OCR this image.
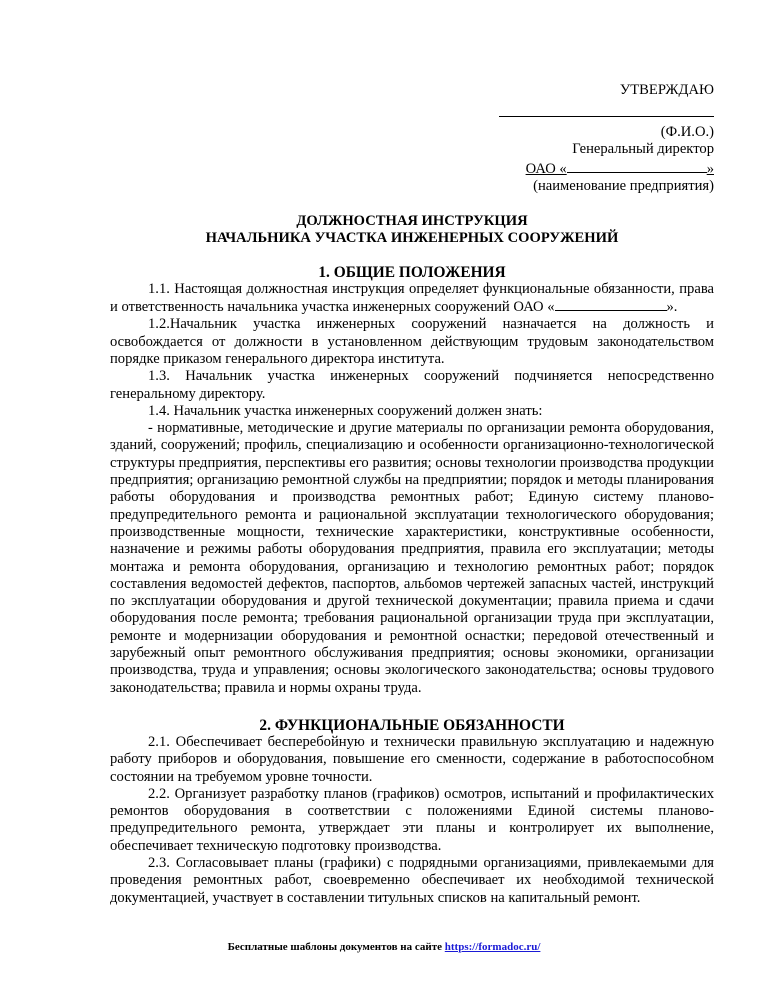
УТВЕРЖДАЮ
(Ф.И.О.)
Генеральный директор
ОАО «	»
(наименование предприятия)
ДОЛЖНОСТНАЯ ИНСТРУКЦИЯ
НАЧАЛЬНИКА УЧАСТКА ИНЖЕНЕРНЫХ СООРУЖЕНИЙ
1. ОБЩИЕ ПОЛОЖЕНИЯ

1.1. Настоящая должностная инструкция определяет функциональные обязанности, права и ответственность начальника участка инженерных сооружений ОАО «	».

1.2.Начальник участка инженерных сооружений назначается на должность и освобождается от должности в установленном действующим трудовым законодательством порядке приказом генерального директора института.

1.3. Начальник участка инженерных сооружений подчиняется непосредственно генеральному директору.

1.4. Начальник участка инженерных сооружений должен знать:

- нормативные, методические и другие материалы по организации ремонта оборудования, зданий, сооружений; профиль, специализацию и особенности организационно-технологической структуры предприятия, перспективы его развития; основы технологии производства продукции предприятия; организацию ремонтной службы на предприятии; порядок и методы планирования работы оборудования и производства ремонтных работ; Единую систему планово-предупредительного ремонта и рациональной эксплуатации технологического оборудования; производственные мощности, технические характеристики, конструктивные особенности, назначение и режимы работы оборудования предприятия, правила его эксплуатации; методы монтажа и ремонта оборудования, организацию и технологию ремонтных работ; порядок составления ведомостей дефектов, паспортов, альбомов чертежей запасных частей, инструкций по эксплуатации оборудования и другой технической документации; правила приема и сдачи оборудования после ремонта; требования рациональной организации труда при эксплуатации, ремонте и модернизации оборудования и ремонтной оснастки; передовой отечественный и зарубежный опыт ремонтного обслуживания предприятия; основы экономики, организации производства, труда и управления; основы экологического законодательства; основы трудового законодательства; правила и нормы охраны труда.

2. ФУНКЦИОНАЛЬНЫЕ ОБЯЗАННОСТИ

2.1. Обеспечивает бесперебойную и технически правильную эксплуатацию и надежную работу приборов и оборудования, повышение его сменности, содержание в работоспособном состоянии на требуемом уровне точности.

2.2. Организует разработку планов (графиков) осмотров, испытаний и профилактических ремонтов оборудования в соответствии с положениями Единой системы планово-предупредительного ремонта, утверждает эти планы и контролирует их выполнение, обеспечивает техническую подготовку производства.

2.3. Согласовывает планы (графики) с подрядными организациями, привлекаемыми для проведения ремонтных работ, своевременно обеспечивает их необходимой технической документацией, участвует в составлении титульных списков на капитальный ремонт.

Бесплатные шаблоны документов на сайте https://formadoc.ru/
